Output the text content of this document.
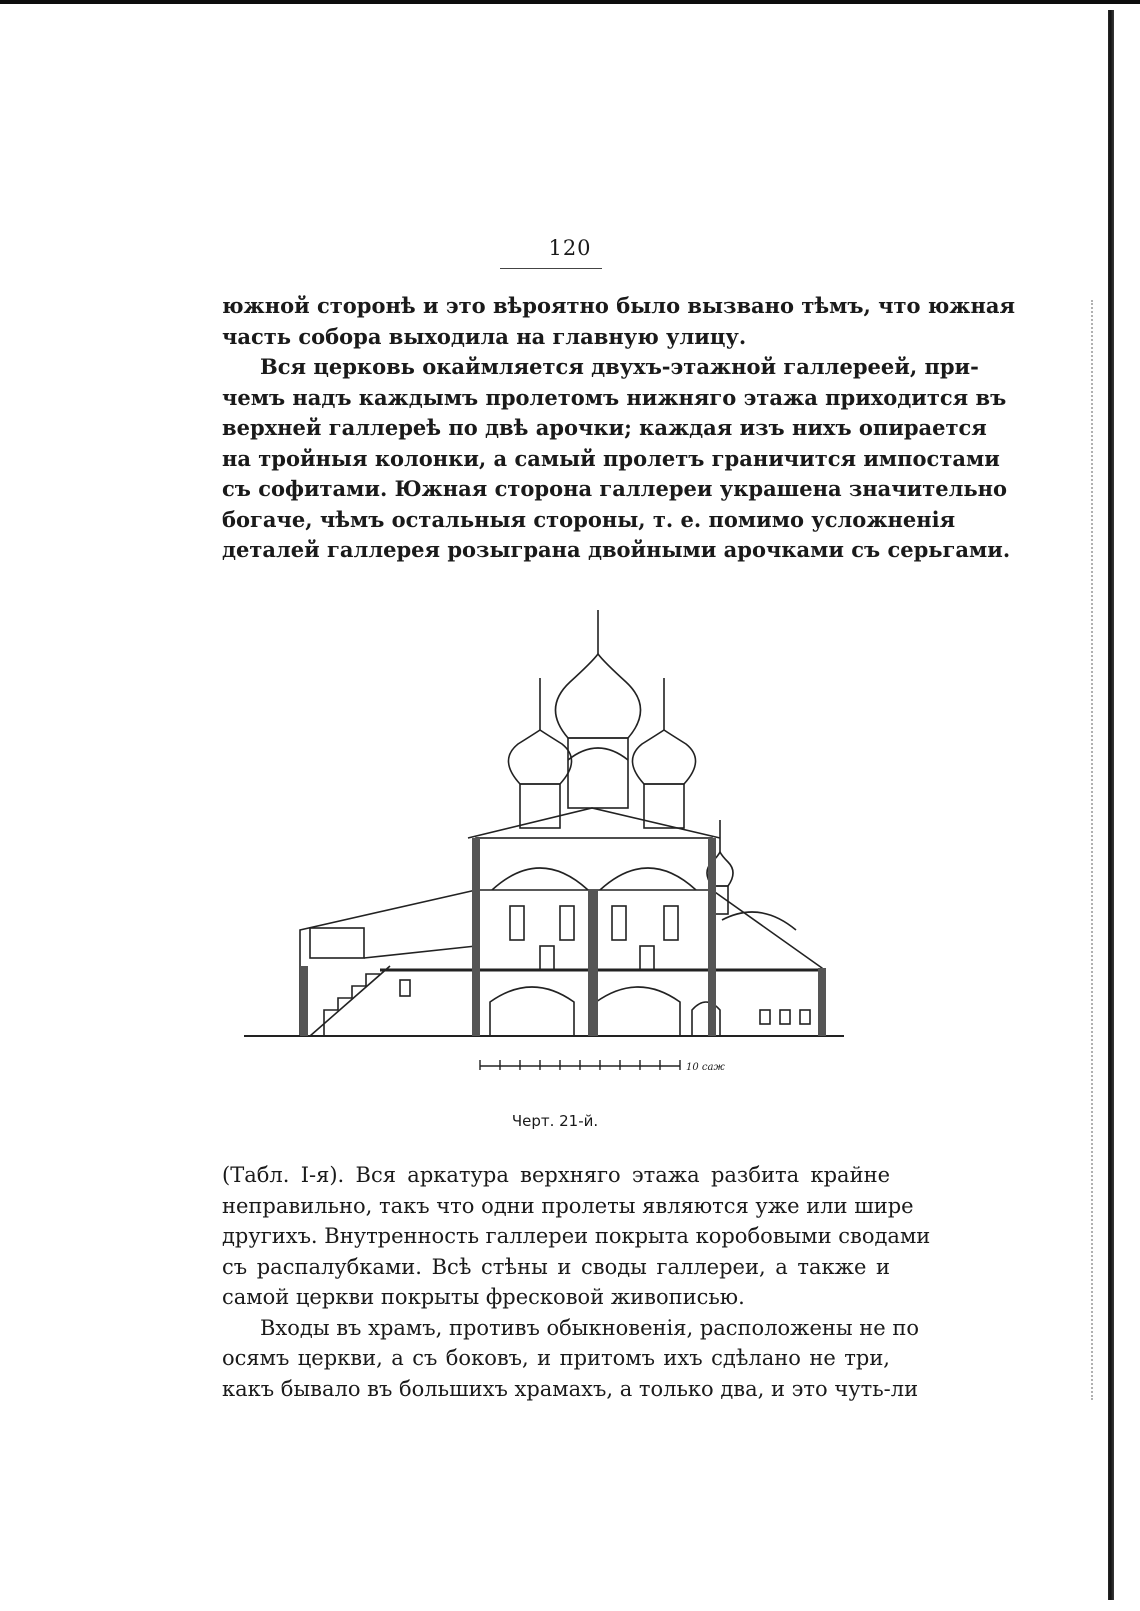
120
южной сторонѣ и это вѣроятно было вызвано тѣмъ, что южная
часть собора выходила на главную улицу.
Вся церковь окаймляется двухъ-этажной галлереей, при-
чемъ надъ каждымъ пролетомъ нижняго этажа приходится въ
верхней галлереѣ по двѣ арочки; каждая изъ нихъ опирается
на тройныя колонки, а самый пролетъ граничится импостами
съ софитами. Южная сторона галлереи украшена значительно
богаче, чѣмъ остальныя стороны, т. е. помимо усложненія
деталей галлерея розыграна двойными арочками съ серьгами.
10 саж
Черт. 21-й.
(Табл. I-я). Вся аркатура верхняго этажа разбита крайне
неправильно, такъ что одни пролеты являются уже или шире
другихъ. Внутренность галлереи покрыта коробовыми сводами
съ распалубками. Всѣ стѣны и своды галлереи, а также и
самой церкви покрыты фресковой живописью.
Входы въ храмъ, противъ обыкновенія, расположены не по
осямъ церкви, а съ боковъ, и притомъ ихъ сдѣлано не три,
какъ бывало въ большихъ храмахъ, а только два, и это чуть-ли
